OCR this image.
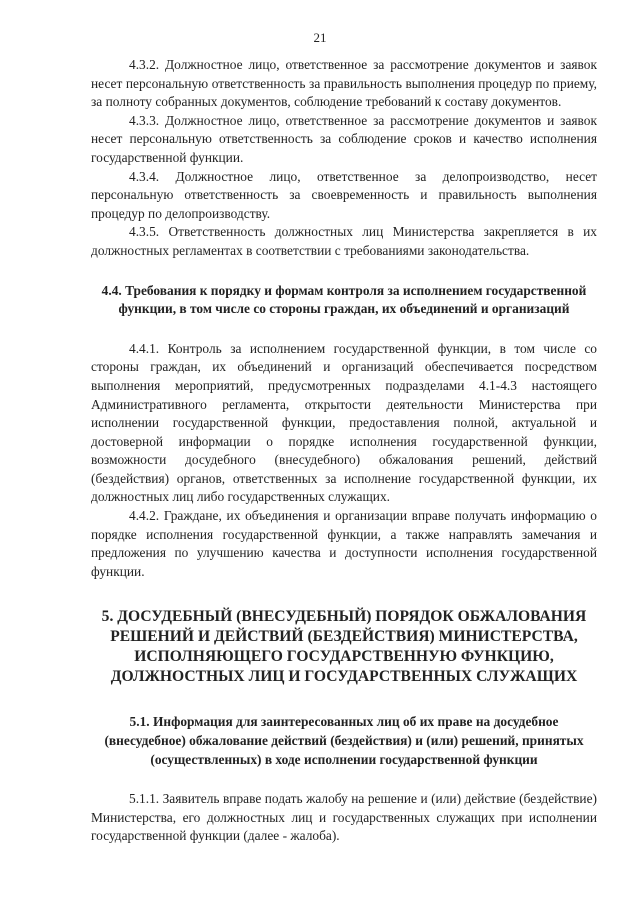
21

4.3.2. Должностное лицо, ответственное за рассмотрение документов и заявок несет персональную ответственность за правильность выполнения процедур по приему, за полноту собранных документов, соблюдение требований к составу документов.

4.3.3. Должностное лицо, ответственное за рассмотрение документов и заявок несет персональную ответственность за соблюдение сроков и качество исполнения государственной функции.

4.3.4. Должностное лицо, ответственное за делопроизводство, несет персональную ответственность за своевременность и правильность выполнения процедур по делопроизводству.

4.3.5. Ответственность должностных лиц Министерства закрепляется в их должностных регламентах в соответствии с требованиями законодательства.

4.4. Требования к порядку и формам контроля за исполнением государственной функции, в том числе со стороны граждан, их объединений и организаций

4.4.1. Контроль за исполнением государственной функции, в том числе со стороны граждан, их объединений и организаций обеспечивается посредством выполнения мероприятий, предусмотренных подразделами 4.1-4.3 настоящего Административного регламента, открытости деятельности Министерства при исполнении государственной функции, предоставления полной, актуальной и достоверной информации о порядке исполнения государственной функции, возможности досудебного (внесудебного) обжалования решений, действий (бездействия) органов, ответственных за исполнение государственной функции, их должностных лиц либо государственных служащих.

4.4.2. Граждане, их объединения и организации вправе получать информацию о порядке исполнения государственной функции, а также направлять замечания и предложения по улучшению качества и доступности исполнения государственной функции.

5. ДОСУДЕБНЫЙ (ВНЕСУДЕБНЫЙ) ПОРЯДОК ОБЖАЛОВАНИЯ РЕШЕНИЙ И ДЕЙСТВИЙ (БЕЗДЕЙСТВИЯ) МИНИСТЕРСТВА, ИСПОЛНЯЮЩЕГО ГОСУДАРСТВЕННУЮ ФУНКЦИЮ, ДОЛЖНОСТНЫХ ЛИЦ И ГОСУДАРСТВЕННЫХ СЛУЖАЩИХ
5.1. Информация для заинтересованных лиц об их праве на досудебное (внесудебное) обжалование действий (бездействия) и (или) решений, принятых (осуществленных) в ходе исполнении государственной функции

5.1.1. Заявитель вправе подать жалобу на решение и (или) действие (бездействие) Министерства, его должностных лиц и государственных служащих при исполнении государственной функции (далее - жалоба).
